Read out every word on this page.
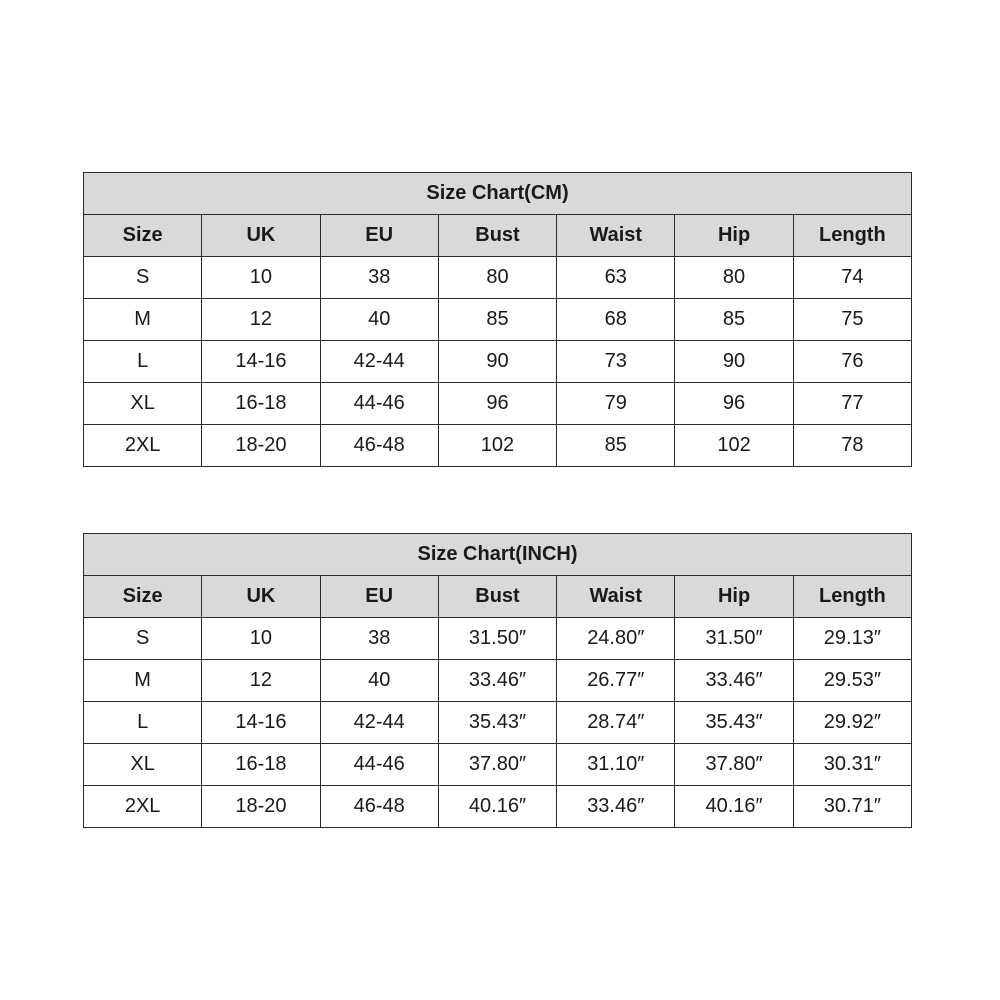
Size Chart(CM)						
Size	UK	EU	Bust	Waist	Hip	Length
S	10	38	80	63	80	74
M	12	40	85	68	85	75
L	14-16	42-44	90	73	90	76
XL	16-18	44-46	96	79	96	77
2XL	18-20	46-48	102	85	102	78
Size Chart(INCH)						
Size	UK	EU	Bust	Waist	Hip	Length
S	10	38	31.50″	24.80″	31.50″	29.13″
M	12	40	33.46″	26.77″	33.46″	29.53″
L	14-16	42-44	35.43″	28.74″	35.43″	29.92″
XL	16-18	44-46	37.80″	31.10″	37.80″	30.31″
2XL	18-20	46-48	40.16″	33.46″	40.16″	30.71″
